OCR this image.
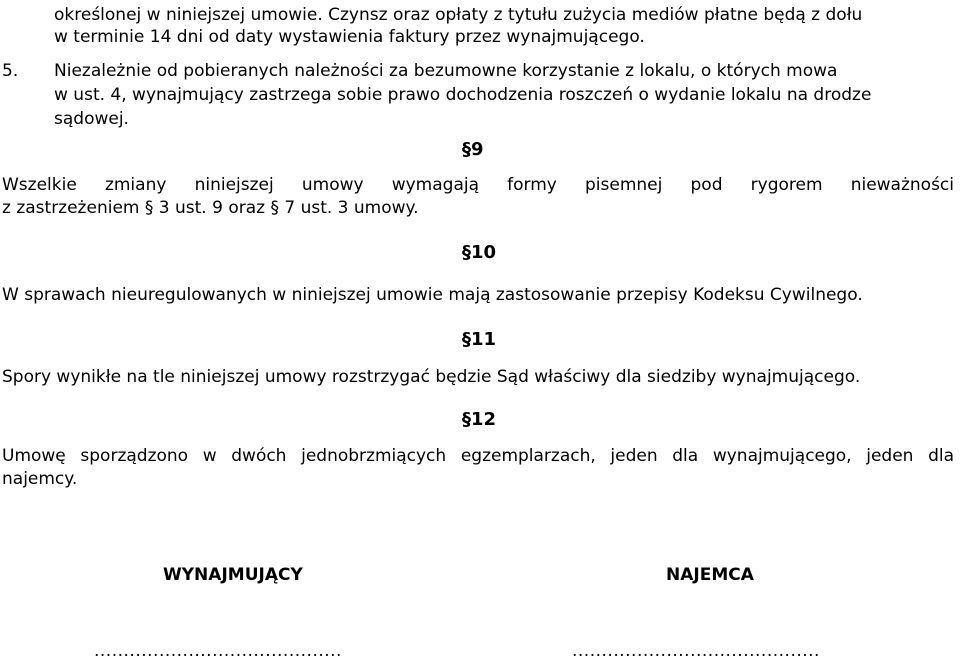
określonej w niniejszej umowie. Czynsz oraz opłaty z tytułu zużycia mediów płatne będą z dołu
w terminie 14 dni od daty wystawienia faktury przez wynajmującego.
5. Niezależnie od pobieranych należności za bezumowne korzystanie z lokalu, o których mowa
w ust. 4, wynajmujący zastrzega sobie prawo dochodzenia roszczeń o wydanie lokalu na drodze
sądowej.
§9
Wszelkie zmiany niniejszej umowy wymagają formy pisemnej pod rygorem nieważności
z zastrzeżeniem § 3 ust. 9 oraz § 7 ust. 3 umowy.
§10
W sprawach nieuregulowanych w niniejszej umowie mają zastosowanie przepisy Kodeksu Cywilnego.
§11
Spory wynikłe na tle niniejszej umowy rozstrzygać będzie Sąd właściwy dla siedziby wynajmującego.
§12
Umowę sporządzono w dwóch jednobrzmiących egzemplarzach, jeden dla wynajmującego, jeden dla
najemcy.
WYNAJMUJĄCY	NAJEMCA
..........................................	..........................................
